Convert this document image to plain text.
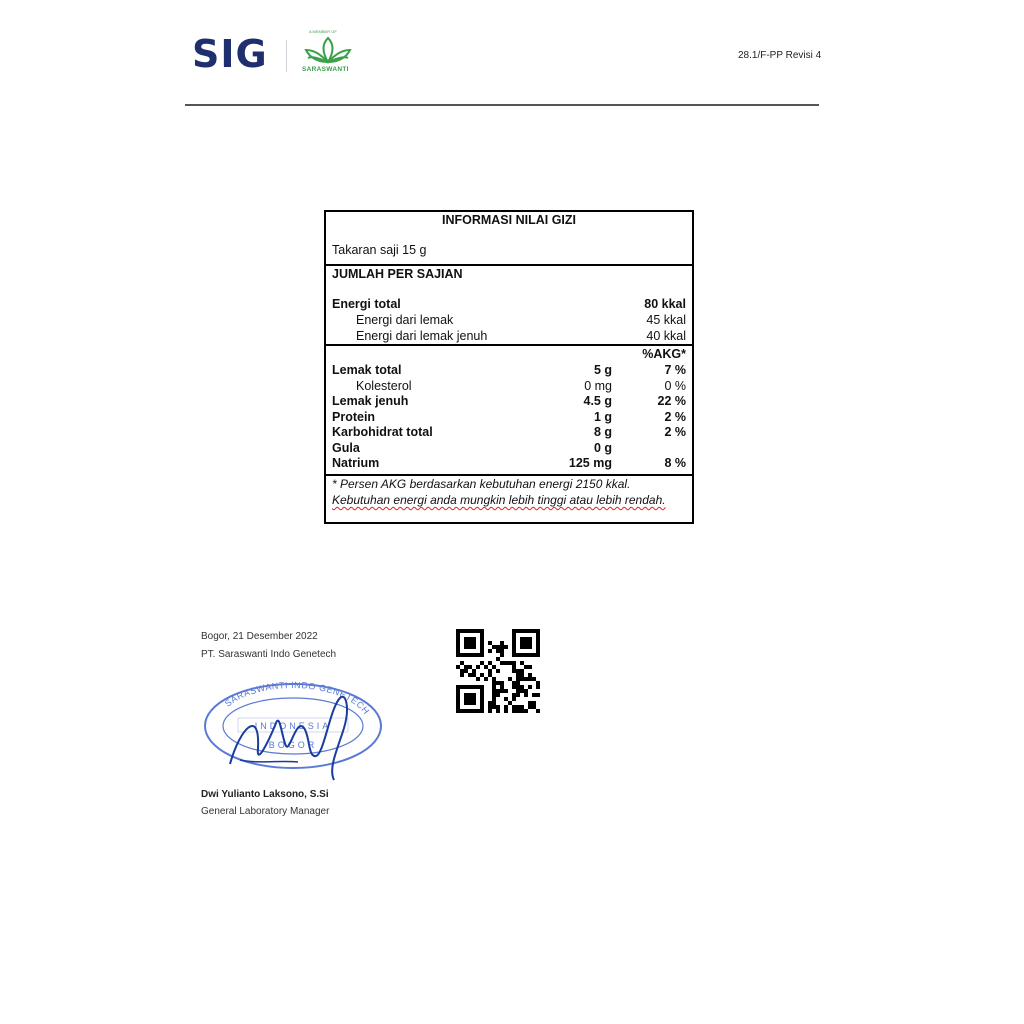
SIG
A MEMBER OF
SARASWANTI
28.1/F-PP Revisi 4
INFORMASI NILAI GIZI
Takaran saji 15 g
JUMLAH PER SAJIAN
Energi total	80 kkal
Energi dari lemak	45 kkal
Energi dari lemak jenuh	40 kkal
%AKG*
Lemak total	5 g	7 %
Kolesterol	0 mg	0 %
Lemak jenuh	4.5 g	22 %
Protein	1 g	2 %
Karbohidrat total	8 g	2 %
Gula	0 g
Natrium	125 mg	8 %
* Persen AKG berdasarkan kebutuhan energi 2150 kkal.
Kebutuhan energi anda mungkin lebih tinggi atau lebih rendah.
Bogor, 21 Desember 2022
PT. Saraswanti Indo Genetech
SARASWANTI INDO GENETECH
INDONESIA
BOGOR
Dwi Yulianto Laksono, S.Si
General Laboratory Manager
